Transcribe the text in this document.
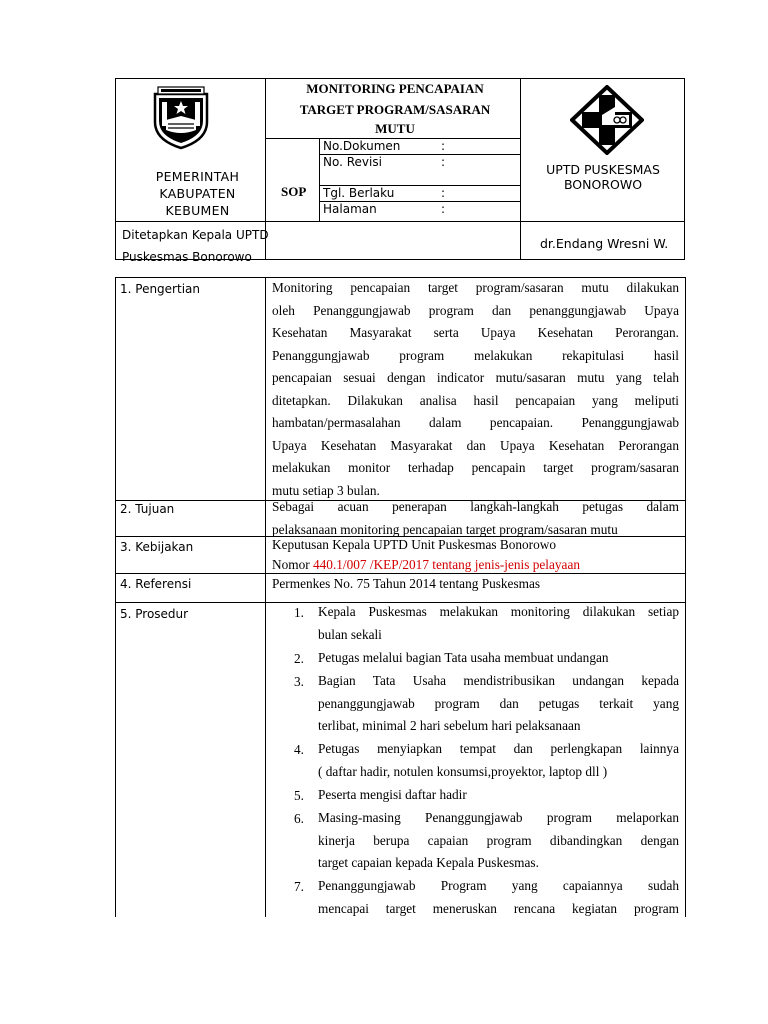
MONITORING PENCAPAIAN
TARGET PROGRAM/SASARAN
MUTU
SOP
PEMERINTAH
KABUPATEN
KEBUMEN
UPTD PUSKESMAS
BONOROWO
No.Dokumen	:
No. Revisi	:
Tgl. Berlaku	:
Halaman	:
Ditetapkan Kepala UPTD
Puskesmas Bonorowo
dr.Endang Wresni W.
1. Pengertian	Monitoring pencapaian target program/sasaran mutu dilakukan
oleh Penanggungjawab program dan penanggungjawab Upaya
Kesehatan Masyarakat serta Upaya Kesehatan Perorangan.
Penanggungjawab program melakukan rekapitulasi hasil
pencapaian sesuai dengan indicator mutu/sasaran mutu yang telah
ditetapkan. Dilakukan analisa hasil pencapaian yang meliputi
hambatan/permasalahan dalam pencapaian. Penanggungjawab
Upaya Kesehatan Masyarakat dan Upaya Kesehatan Perorangan
melakukan monitor terhadap pencapain target program/sasaran
mutu setiap 3 bulan.
2. Tujuan	Sebagai acuan penerapan langkah-langkah petugas dalam
pelaksanaan monitoring pencapaian target program/sasaran mutu
3. Kebijakan	Keputusan Kepala UPTD Unit Puskesmas Bonorowo
Nomor 440.1/007 /KEP/2017 tentang jenis-jenis pelayaan
4. Referensi	Permenkes No. 75 Tahun 2014 tentang Puskesmas
5. Prosedur	1. Kepala Puskesmas melakukan monitoring dilakukan setiap
bulan sekali
2. Petugas melalui bagian Tata usaha membuat undangan
3. Bagian Tata Usaha mendistribusikan undangan kepada
penanggungjawab program dan petugas terkait yang
terlibat, minimal 2 hari sebelum hari pelaksanaan
4. Petugas menyiapkan tempat dan perlengkapan lainnya
( daftar hadir, notulen konsumsi,proyektor, laptop dll )
5. Peserta mengisi daftar hadir
6. Masing-masing Penanggungjawab program melaporkan
kinerja berupa capaian program dibandingkan dengan
target capaian kepada Kepala Puskesmas.
7. Penanggungjawab Program yang capaiannya sudah
mencapai target meneruskan rencana kegiatan program
